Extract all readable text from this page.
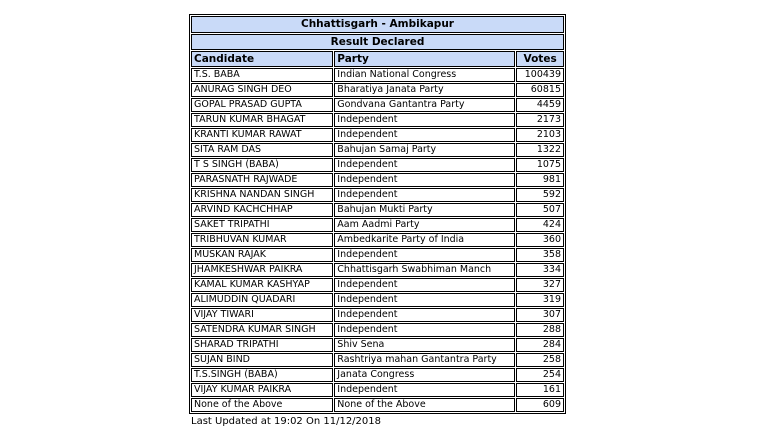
Chhattisgarh - Ambikapur		
Result Declared		
Candidate	Party	Votes
T.S. BABA	Indian National Congress	100439
ANURAG SINGH DEO	Bharatiya Janata Party	60815
GOPAL PRASAD GUPTA	Gondvana Gantantra Party	4459
TARUN KUMAR BHAGAT	Independent	2173
KRANTI KUMAR RAWAT	Independent	2103
SITA RAM DAS	Bahujan Samaj Party	1322
T S SINGH (BABA)	Independent	1075
PARASNATH RAJWADE	Independent	981
KRISHNA NANDAN SINGH	Independent	592
ARVIND KACHCHHAP	Bahujan Mukti Party	507
SAKET TRIPATHI	Aam Aadmi Party	424
TRIBHUVAN KUMAR	Ambedkarite Party of India	360
MUSKAN RAJAK	Independent	358
JHAMKESHWAR PAIKRA	Chhattisgarh Swabhiman Manch	334
KAMAL KUMAR KASHYAP	Independent	327
ALIMUDDIN QUADARI	Independent	319
VIJAY TIWARI	Independent	307
SATENDRA KUMAR SINGH	Independent	288
SHARAD TRIPATHI	Shiv Sena	284
SUJAN BIND	Rashtriya mahan Gantantra Party	258
T.S.SINGH (BABA)	Janata Congress	254
VIJAY KUMAR PAIKRA	Independent	161
None of the Above	None of the Above	609
Last Updated at 19:02 On 11/12/2018
